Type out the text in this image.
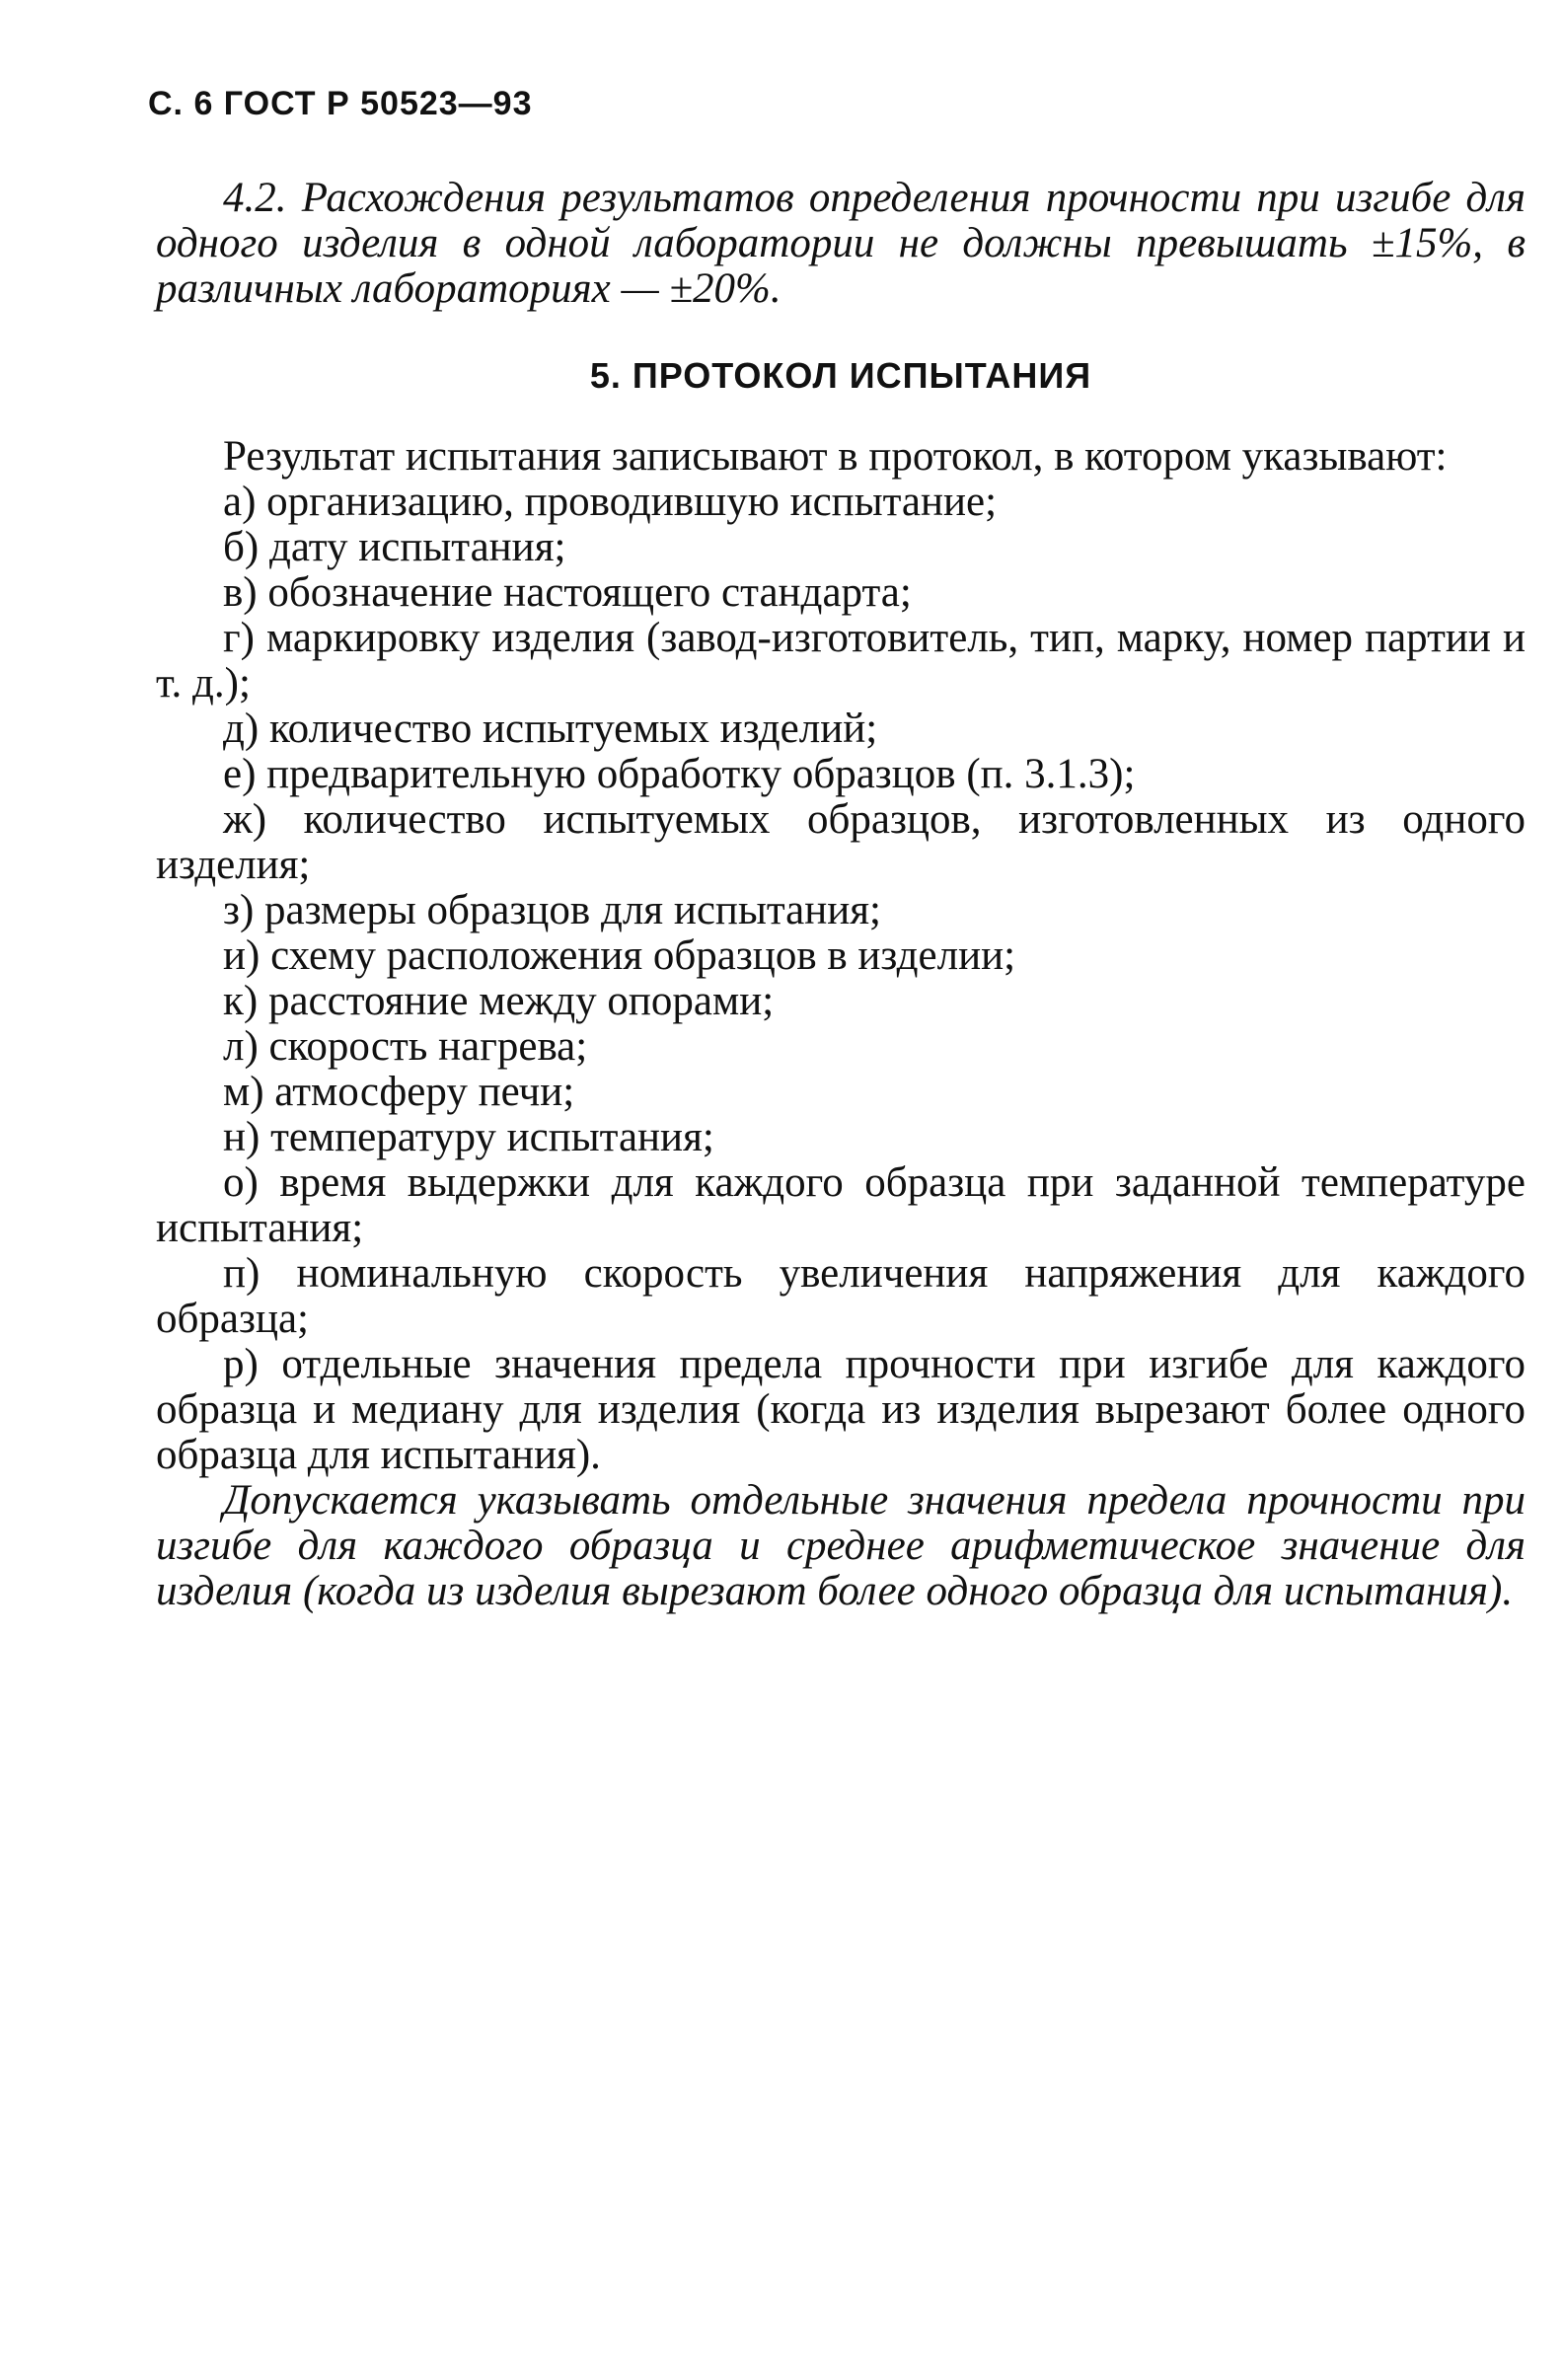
С. 6 ГОСТ Р 50523—93

4.2. Расхождения результатов определения прочности при изгибе для одного изделия в одной лаборатории не должны превышать ±15%, в различных лабораториях — ±20%.

5. ПРОТОКОЛ ИСПЫТАНИЯ

Результат испытания записывают в протокол, в котором указывают:

а) организацию, проводившую испытание;

б) дату испытания;

в) обозначение настоящего стандарта;

г) маркировку изделия (завод-изготовитель, тип, марку, номер партии и т. д.);

д) количество испытуемых изделий;

е) предварительную обработку образцов (п. 3.1.3);

ж) количество испытуемых образцов, изготовленных из одного изделия;

з) размеры образцов для испытания;

и) схему расположения образцов в изделии;

к) расстояние между опорами;

л) скорость нагрева;

м) атмосферу печи;

н) температуру испытания;

о) время выдержки для каждого образца при заданной температуре испытания;

п) номинальную скорость увеличения напряжения для каждого образца;

р) отдельные значения предела прочности при изгибе для каждого образца и медиану для изделия (когда из изделия вырезают более одного образца для испытания).

Допускается указывать отдельные значения предела прочности при изгибе для каждого образца и среднее арифметическое значение для изделия (когда из изделия вырезают более одного образца для испытания).
